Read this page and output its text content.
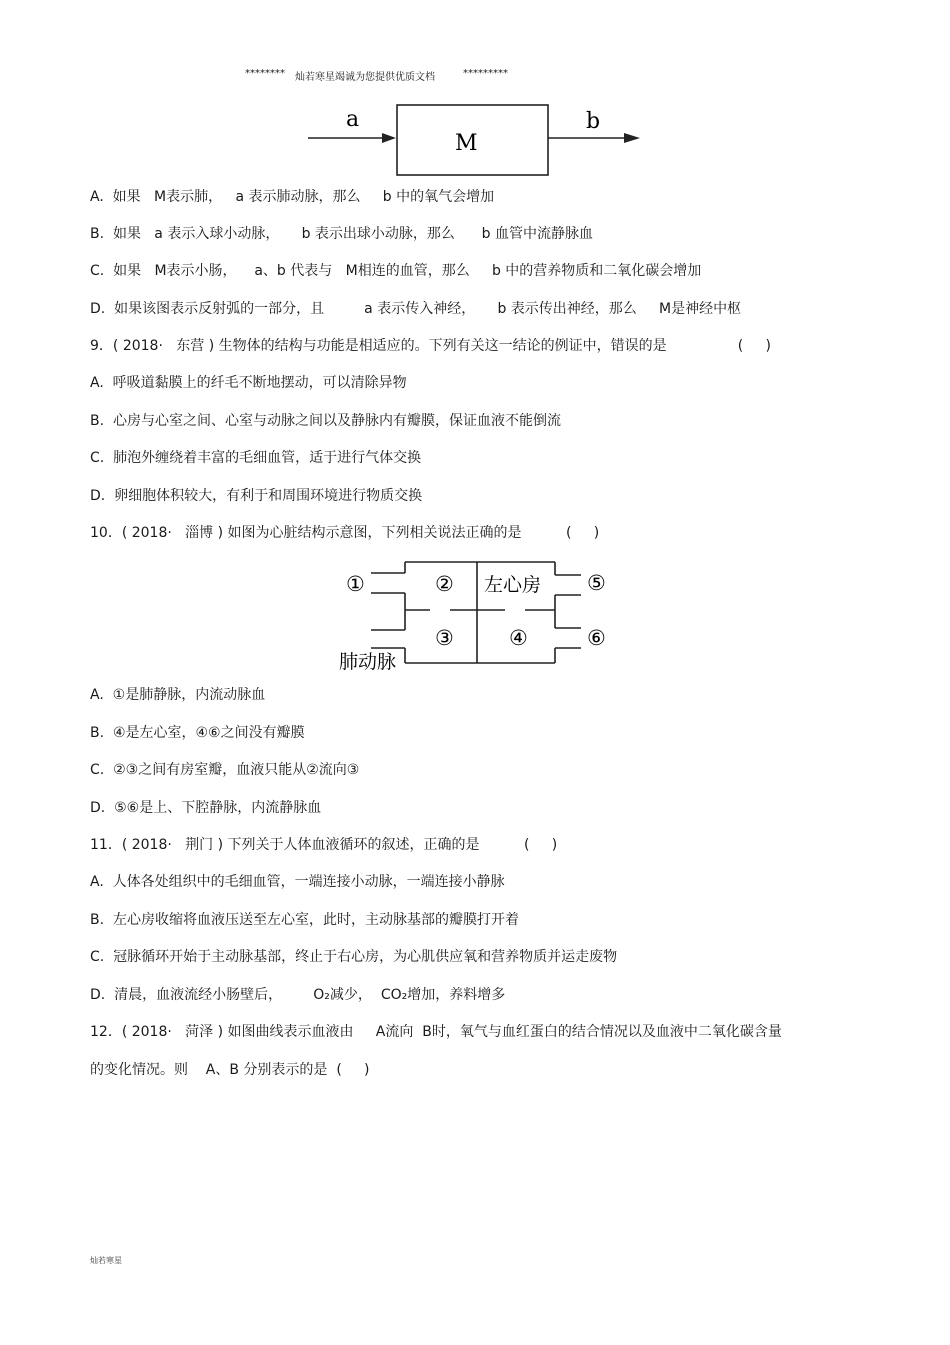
******** 灿若寒星竭诚为您提供优质文档	*********
a
M
b
A.  如果   M表示肺，   a 表示肺动脉，那么     b 中的氧气会增加
B.  如果   a 表示入球小动脉，     b 表示出球小动脉，那么      b 血管中流静脉血
C.  如果   M表示小肠，    a、b 代表与   M相连的血管，那么     b 中的营养物质和二氧化碳会增加
D.  如果该图表示反射弧的一部分，且         a 表示传入神经，     b 表示传出神经，那么     M是神经中枢
9．( 2018·   东营 ) 生物体的结构与功能是相适应的。下列有关这一结论的例证中，错误的是                (     )
A.  呼吸道黏膜上的纤毛不断地摆动，可以清除异物
B.  心房与心室之间、心室与动脉之间以及静脉内有瓣膜，保证血液不能倒流
C.  肺泡外缠绕着丰富的毛细血管，适于进行气体交换
D.  卵细胞体积较大，有利于和周围环境进行物质交换
10．( 2018·   淄博 ) 如图为心脏结构示意图，下列相关说法正确的是          (     )
①	② 左心房 ⑤
③	④	⑥
肺动脉
A.  ①是肺静脉，内流动脉血
B.  ④是左心室，④⑥之间没有瓣膜
C.  ②③之间有房室瓣，血液只能从②流向③
D.  ⑤⑥是上、下腔静脉，内流静脉血
11．( 2018·   荆门 ) 下列关于人体血液循环的叙述，正确的是          (     )
A.  人体各处组织中的毛细血管，一端连接小动脉，一端连接小静脉
B.  左心房收缩将血液压送至左心室，此时，主动脉基部的瓣膜打开着
C.  冠脉循环开始于主动脉基部，终止于右心房，为心肌供应氧和营养物质并运走废物
D.  清晨，血液流经小肠壁后，       O₂减少，  CO₂增加，养料增多
12．( 2018·   菏泽 ) 如图曲线表示血液由     A流向  B时，氧气与血红蛋白的结合情况以及血液中二氧化碳含量
的变化情况。则    A、B 分别表示的是  (     )
灿若寒星
